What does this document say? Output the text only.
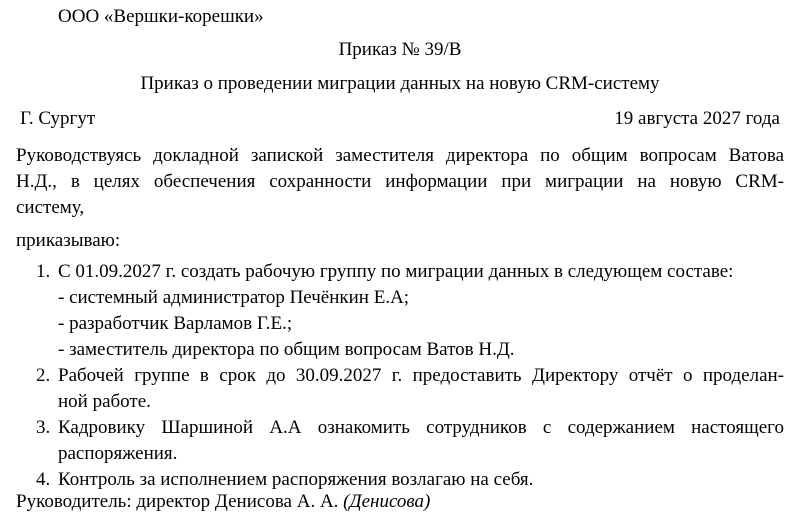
ООО «Вершки-корешки»
Приказ № 39/В
Приказ о проведении миграции данных на новую CRM-систему
Г. Сургут	19 августа 2027 года
Руководствуясь докладной запиской заместителя директора по общим вопросам Ватова
Н.Д., в целях обеспечения сохранности информации при миграции на новую CRM-
систему,
приказываю:
1. С 01.09.2027 г. создать рабочую группу по миграции данных в следующем составе:
- системный администратор Печёнкин Е.А;
- разработчик Варламов Г.Е.;
- заместитель директора по общим вопросам Ватов Н.Д.
2. Рабочей группе в срок до 30.09.2027 г. предоставить Директору отчёт о проделан-
ной работе.
3. Кадровику Шаршиной А.А ознакомить сотрудников с содержанием настоящего
распоряжения.
4. Контроль за исполнением распоряжения возлагаю на себя.
Руководитель: директор Денисова А. А. (Денисова)
